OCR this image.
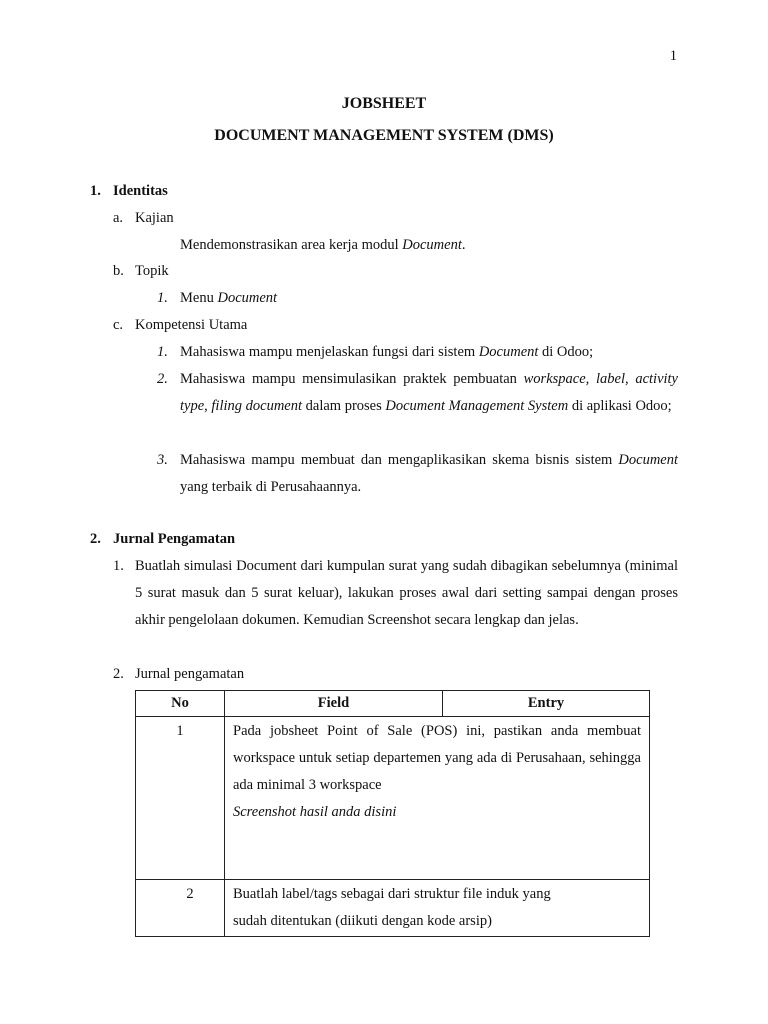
1
JOBSHEET
DOCUMENT MANAGEMENT SYSTEM (DMS)
1. Identitas
a. Kajian
Mendemonstrasikan area kerja modul Document.
b. Topik
1. Menu Document
c. Kompetensi Utama
1. Mahasiswa mampu menjelaskan fungsi dari sistem Document di Odoo;
2. Mahasiswa mampu mensimulasikan praktek pembuatan workspace, label, activity type, filing document dalam proses Document Management System di aplikasi Odoo;
3. Mahasiswa mampu membuat dan mengaplikasikan skema bisnis sistem Document yang terbaik di Perusahaannya.
2. Jurnal Pengamatan
1. Buatlah simulasi Document dari kumpulan surat yang sudah dibagikan sebelumnya (minimal 5 surat masuk dan 5 surat keluar), lakukan proses awal dari setting sampai dengan proses akhir pengelolaan dokumen. Kemudian Screenshot secara lengkap dan jelas.
2. Jurnal pengamatan
No	Field	Entry

1	Pada jobsheet Point of Sale (POS) ini, pastikan anda membuat workspace untuk setiap departemen yang ada di Perusahaan, sehingga ada minimal 3 workspace
Screenshot hasil anda disini	

2	Buatlah label/tags sebagai dari struktur file induk yang sudah ditentukan (diikuti dengan kode arsip)	
